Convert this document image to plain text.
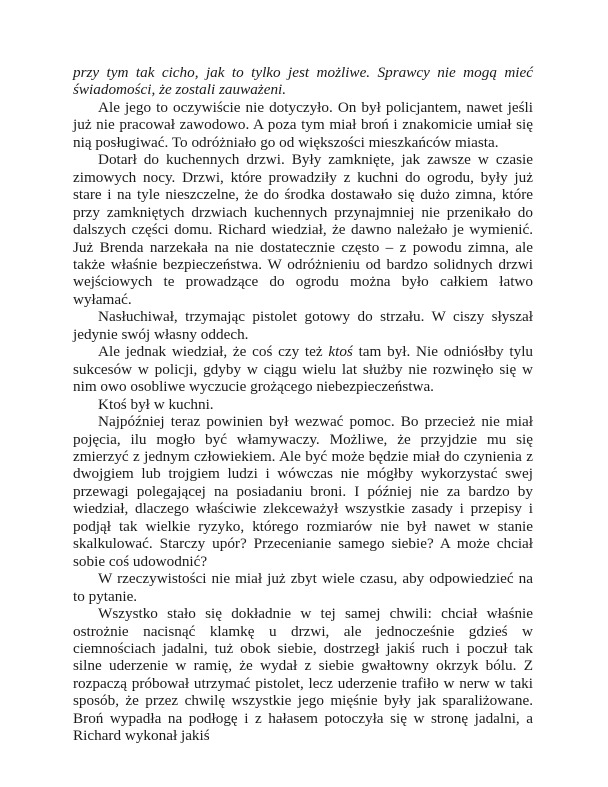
przy tym tak cicho, jak to tylko jest możliwe. Sprawcy nie mogą mieć świadomości, że zostali zauważeni.

Ale jego to oczywiście nie dotyczyło. On był policjantem, nawet jeśli już nie pracował zawodowo. A poza tym miał broń i znakomicie umiał się nią posługiwać. To odróżniało go od większości mieszkańców miasta.

Dotarł do kuchennych drzwi. Były zamknięte, jak zawsze w czasie zimowych nocy. Drzwi, które prowadziły z kuchni do ogrodu, były już stare i na tyle nieszczelne, że do środka dostawało się dużo zimna, które przy zamkniętych drzwiach kuchennych przynajmniej nie przenikało do dalszych części domu. Richard wiedział, że dawno należało je wymienić. Już Brenda narzekała na nie dostatecznie często – z powodu zimna, ale także właśnie bezpieczeństwa. W odróżnieniu od bardzo solidnych drzwi wejściowych te prowadzące do ogrodu można było całkiem łatwo wyłamać.

Nasłuchiwał, trzymając pistolet gotowy do strzału. W ciszy słyszał jedynie swój własny oddech.

Ale jednak wiedział, że coś czy też ktoś tam był. Nie odniósłby tylu sukcesów w policji, gdyby w ciągu wielu lat służby nie rozwinęło się w nim owo osobliwe wyczucie grożącego niebezpieczeństwa.

Ktoś był w kuchni.

Najpóźniej teraz powinien był wezwać pomoc. Bo przecież nie miał pojęcia, ilu mogło być włamywaczy. Możliwe, że przyjdzie mu się zmierzyć z jednym człowiekiem. Ale być może będzie miał do czynienia z dwojgiem lub trojgiem ludzi i wówczas nie mógłby wykorzystać swej przewagi polegającej na posiadaniu broni. I później nie za bardzo by wiedział, dlaczego właściwie zlekceważył wszystkie zasady i przepisy i podjął tak wielkie ryzyko, którego rozmiarów nie był nawet w stanie skalkulować. Starczy upór? Przecenianie samego siebie? A może chciał sobie coś udowodnić?

W rzeczywistości nie miał już zbyt wiele czasu, aby odpowiedzieć na to pytanie.

Wszystko stało się dokładnie w tej samej chwili: chciał właśnie ostrożnie nacisnąć klamkę u drzwi, ale jednocześnie gdzieś w ciemnościach jadalni, tuż obok siebie, dostrzegł jakiś ruch i poczuł tak silne uderzenie w ramię, że wydał z siebie gwałtowny okrzyk bólu. Z rozpaczą próbował utrzymać pistolet, lecz uderzenie trafiło w nerw w taki sposób, że przez chwilę wszystkie jego mięśnie były jak sparaliżowane. Broń wypadła na podłogę i z hałasem potoczyła się w stronę jadalni, a Richard wykonał jakiś
